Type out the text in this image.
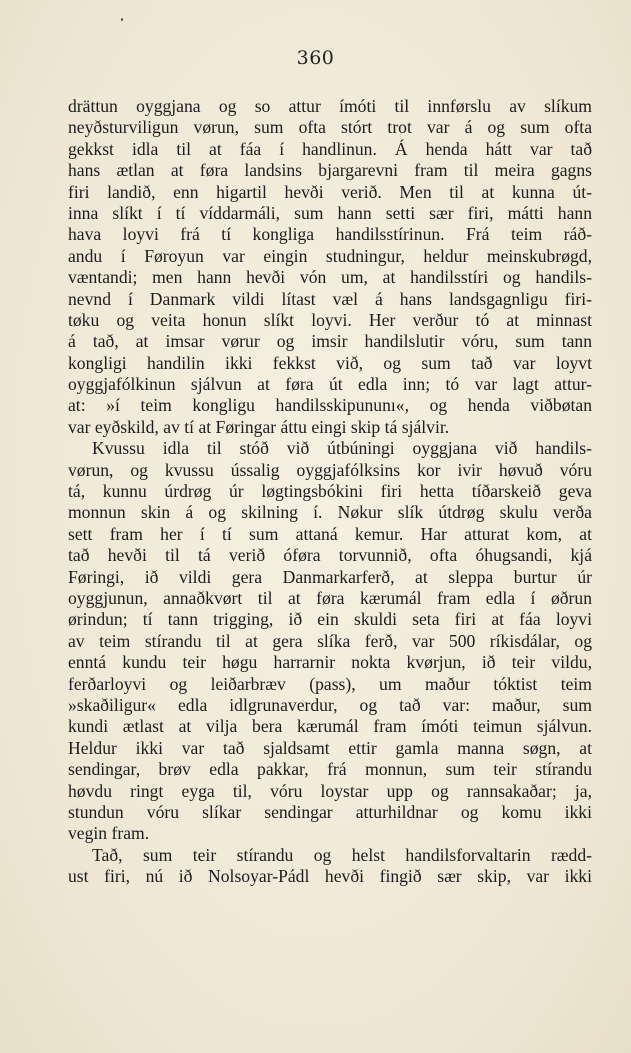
360
drättun oyggjana og so attur ímóti til innførslu av slíkum
neyðsturviligun vørun, sum ofta stórt trot var á og sum ofta
gekkst idla til at fáa í handlinun. Á henda hátt var tað
hans ætlan at føra landsins bjargarevni fram til meira gagns
firi landið, enn higartil hevði verið. Men til at kunna út-
inna slíkt í tí víddarmáli, sum hann setti sær firi, mátti hann
hava loyvi frá tí kongliga handilsstírinun. Frá teim ráð-
andu í Føroyun var eingin studningur, heldur meinskubrøgd,
væntandi; men hann hevði vón um, at handilsstíri og handils-
nevnd í Danmark vildi lítast væl á hans landsgagnligu firi-
tøku og veita honun slíkt loyvi. Her verður tó at minnast
á tað, at imsar vørur og imsir handilslutir vóru, sum tann
kongligi handilin ikki fekkst við, og sum tað var loyvt
oyggjafólkinun sjálvun at føra út edla inn; tó var lagt attur-
at: »í teim kongligu handilsskipununı«, og henda viðbøtan
var eyðskild, av tí at Føringar áttu eingi skip tá sjálvir.
Kvussu idla til stóð við útbúningi oyggjana við handils-
vørun, og kvussu ússalig oyggjafólksins kor ivir høvuð vóru
tá, kunnu úrdrøg úr løgtingsbókini firi hetta tíðarskeið geva
monnun skin á og skilning í. Nøkur slík útdrøg skulu verða
sett fram her í tí sum attaná kemur. Har atturat kom, at
tað hevði til tá verið óføra torvunnið, ofta óhugsandi, kjá
Føringi, ið vildi gera Danmarkarferð, at sleppa burtur úr
oyggjunun, annaðkvørt til at føra kærumál fram edla í øðrun
ørindun; tí tann trigging, ið ein skuldi seta firi at fáa loyvi
av teim stírandu til at gera slíka ferð, var 500 ríkisdálar, og
enntá kundu teir høgu harrarnir nokta kvørjun, ið teir vildu,
ferðarloyvi og leiðarbræv (pass), um maður tóktist teim
»skaðiligur« edla idlgrunaverdur, og tað var: maður, sum
kundi ætlast at vilja bera kærumál fram ímóti teimun sjálvun.
Heldur ikki var tað sjaldsamt ettir gamla manna søgn, at
sendingar, brøv edla pakkar, frá monnun, sum teir stírandu
høvdu ringt eyga til, vóru loystar upp og rannsakaðar; ja,
stundun vóru slíkar sendingar atturhildnar og komu ikki
vegin fram.
Tað, sum teir stírandu og helst handilsforvaltarin rædd-
ust firi, nú ið Nolsoyar-Pádl hevði fingið sær skip, var ikki
